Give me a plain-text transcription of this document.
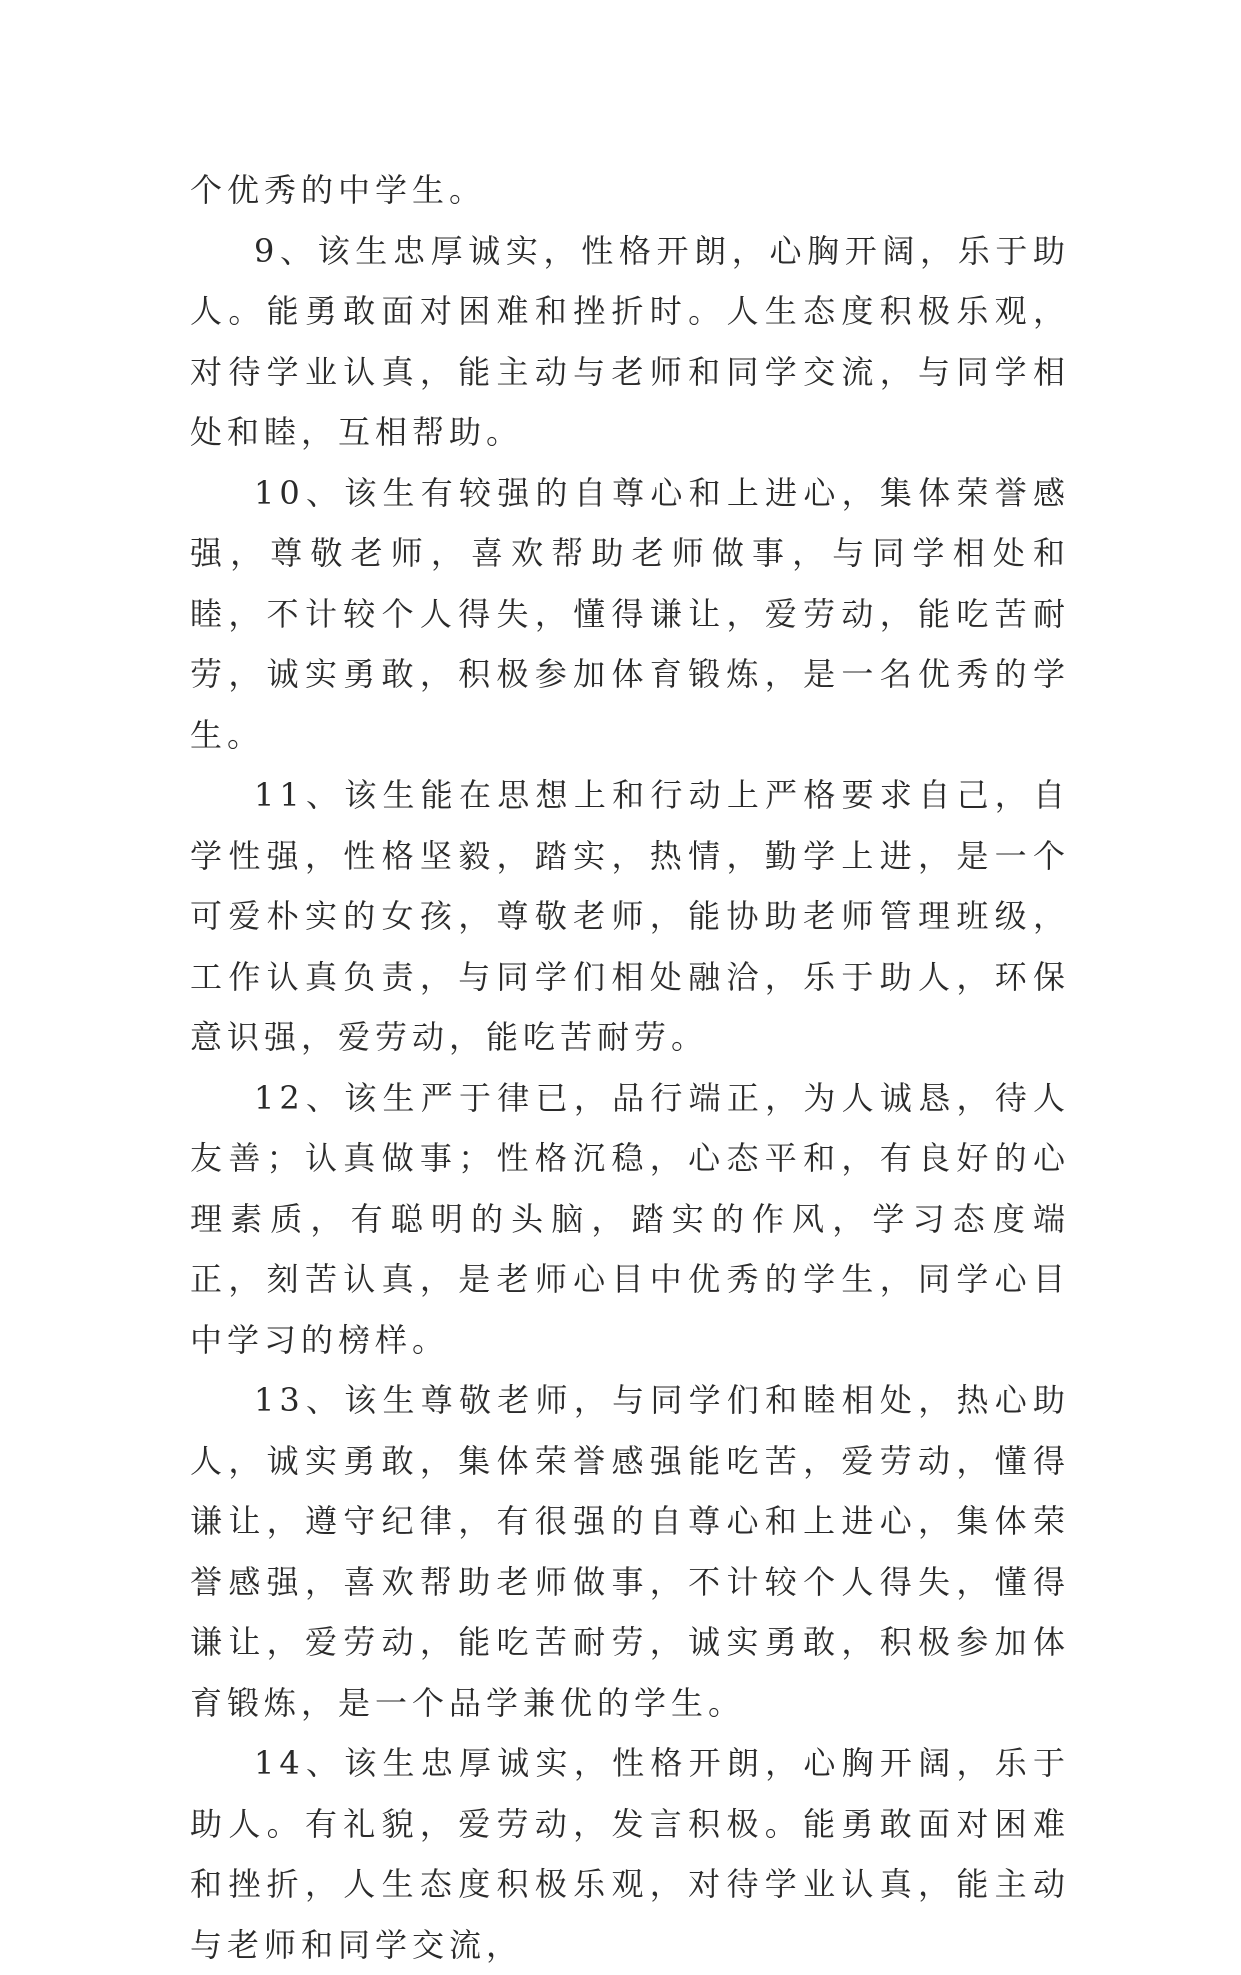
个优秀的中学生。

9、该生忠厚诚实，性格开朗，心胸开阔，乐于助人。能勇敢面对困难和挫折时。人生态度积极乐观，对待学业认真，能主动与老师和同学交流，与同学相处和睦，互相帮助。

10、该生有较强的自尊心和上进心，集体荣誉感强，尊敬老师，喜欢帮助老师做事，与同学相处和睦，不计较个人得失，懂得谦让，爱劳动，能吃苦耐劳，诚实勇敢，积极参加体育锻炼，是一名优秀的学生。

11、该生能在思想上和行动上严格要求自己，自学性强，性格坚毅，踏实，热情，勤学上进，是一个可爱朴实的女孩，尊敬老师，能协助老师管理班级，工作认真负责，与同学们相处融洽，乐于助人，环保意识强，爱劳动，能吃苦耐劳。

12、该生严于律已，品行端正，为人诚恳，待人友善；认真做事；性格沉稳，心态平和，有良好的心理素质，有聪明的头脑，踏实的作风，学习态度端正，刻苦认真，是老师心目中优秀的学生，同学心目中学习的榜样。

13、该生尊敬老师，与同学们和睦相处，热心助人，诚实勇敢，集体荣誉感强能吃苦，爱劳动，懂得谦让，遵守纪律，有很强的自尊心和上进心，集体荣誉感强，喜欢帮助老师做事，不计较个人得失，懂得谦让，爱劳动，能吃苦耐劳，诚实勇敢，积极参加体育锻炼，是一个品学兼优的学生。

14、该生忠厚诚实，性格开朗，心胸开阔，乐于助人。有礼貌，爱劳动，发言积极。能勇敢面对困难和挫折，人生态度积极乐观，对待学业认真，能主动与老师和同学交流，
